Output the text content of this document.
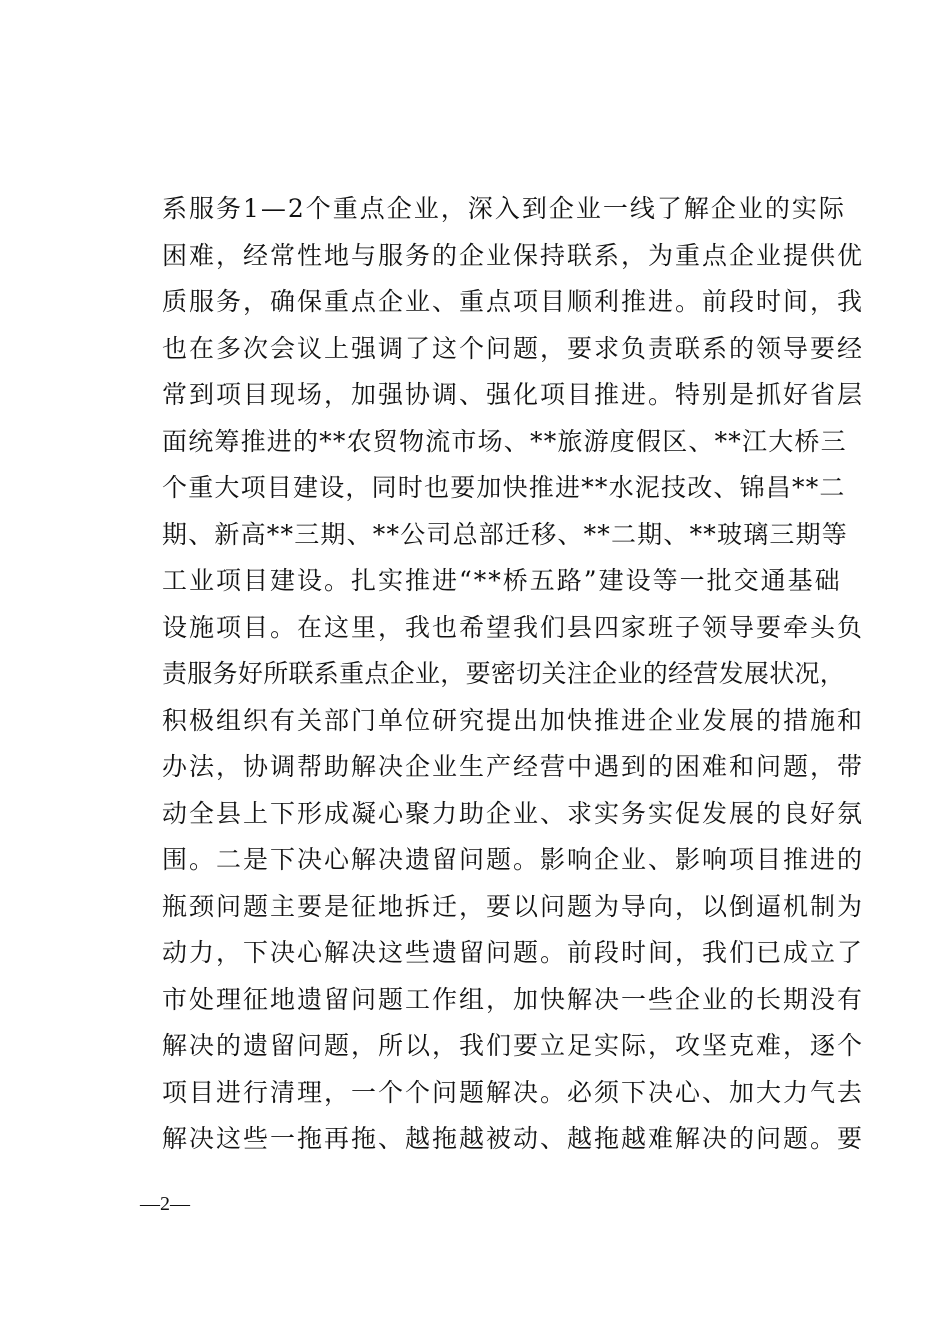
系服务1—2个重点企业，深入到企业一线了解企业的实际
困难，经常性地与服务的企业保持联系，为重点企业提供优
质服务，确保重点企业、重点项目顺利推进。前段时间，我
也在多次会议上强调了这个问题，要求负责联系的领导要经
常到项目现场，加强协调、强化项目推进。特别是抓好省层
面统筹推进的**农贸物流市场、**旅游度假区、**江大桥三
个重大项目建设，同时也要加快推进**水泥技改、锦昌**二
期、新高**三期、**公司总部迁移、**二期、**玻璃三期等
工业项目建设。扎实推进“**桥五路”建设等一批交通基础
设施项目。在这里，我也希望我们县四家班子领导要牵头负
责服务好所联系重点企业，要密切关注企业的经营发展状况，
积极组织有关部门单位研究提出加快推进企业发展的措施和
办法，协调帮助解决企业生产经营中遇到的困难和问题，带
动全县上下形成凝心聚力助企业、求实务实促发展的良好氛
围。二是下决心解决遗留问题。影响企业、影响项目推进的
瓶颈问题主要是征地拆迁，要以问题为导向，以倒逼机制为
动力，下决心解决这些遗留问题。前段时间，我们已成立了
市处理征地遗留问题工作组，加快解决一些企业的长期没有
解决的遗留问题，所以，我们要立足实际，攻坚克难，逐个
项目进行清理，一个个问题解决。必须下决心、加大力气去
解决这些一拖再拖、越拖越被动、越拖越难解决的问题。要
—2—
